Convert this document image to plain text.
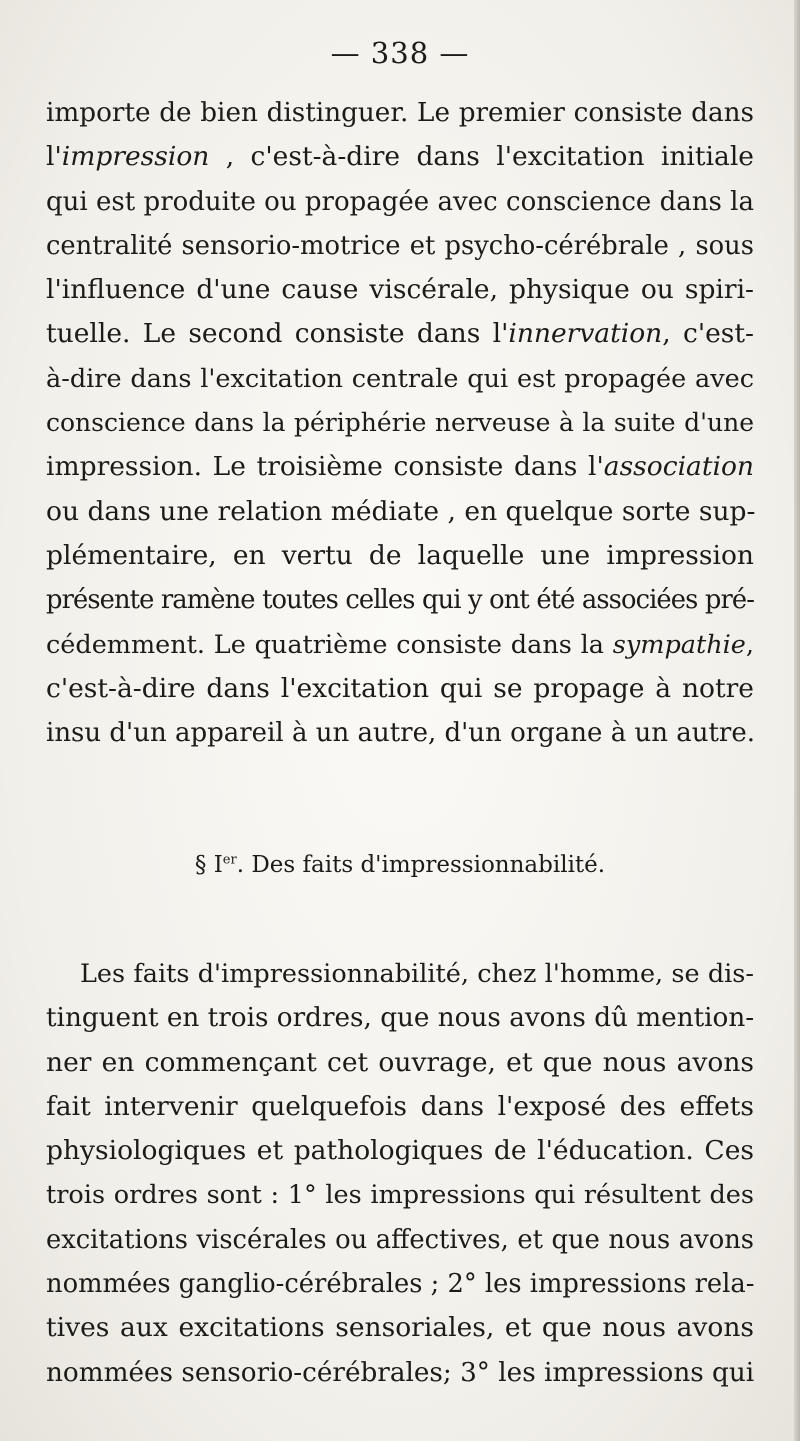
— 338 —
importe de bien distinguer. Le premier consiste dans
l'impression , c'est-à-dire dans l'excitation initiale
qui est produite ou propagée avec conscience dans la
centralité sensorio-motrice et psycho-cérébrale , sous
l'influence d'une cause viscérale, physique ou spiri-
tuelle. Le second consiste dans l'innervation, c'est-
à-dire dans l'excitation centrale qui est propagée avec
conscience dans la périphérie nerveuse à la suite d'une
impression. Le troisième consiste dans l'association
ou dans une relation médiate , en quelque sorte sup-
plémentaire, en vertu de laquelle une impression
présente ramène toutes celles qui y ont été associées pré-
cédemment. Le quatrième consiste dans la sympathie,
c'est-à-dire dans l'excitation qui se propage à notre
insu d'un appareil à un autre, d'un organe à un autre.
§ Ier. Des faits d'impressionnabilité.
Les faits d'impressionnabilité, chez l'homme, se dis-
tinguent en trois ordres, que nous avons dû mention-
ner en commençant cet ouvrage, et que nous avons
fait intervenir quelquefois dans l'exposé des effets
physiologiques et pathologiques de l'éducation. Ces
trois ordres sont : 1° les impressions qui résultent des
excitations viscérales ou affectives, et que nous avons
nommées ganglio-cérébrales ; 2° les impressions rela-
tives aux excitations sensoriales, et que nous avons
nommées sensorio-cérébrales; 3° les impressions qui
